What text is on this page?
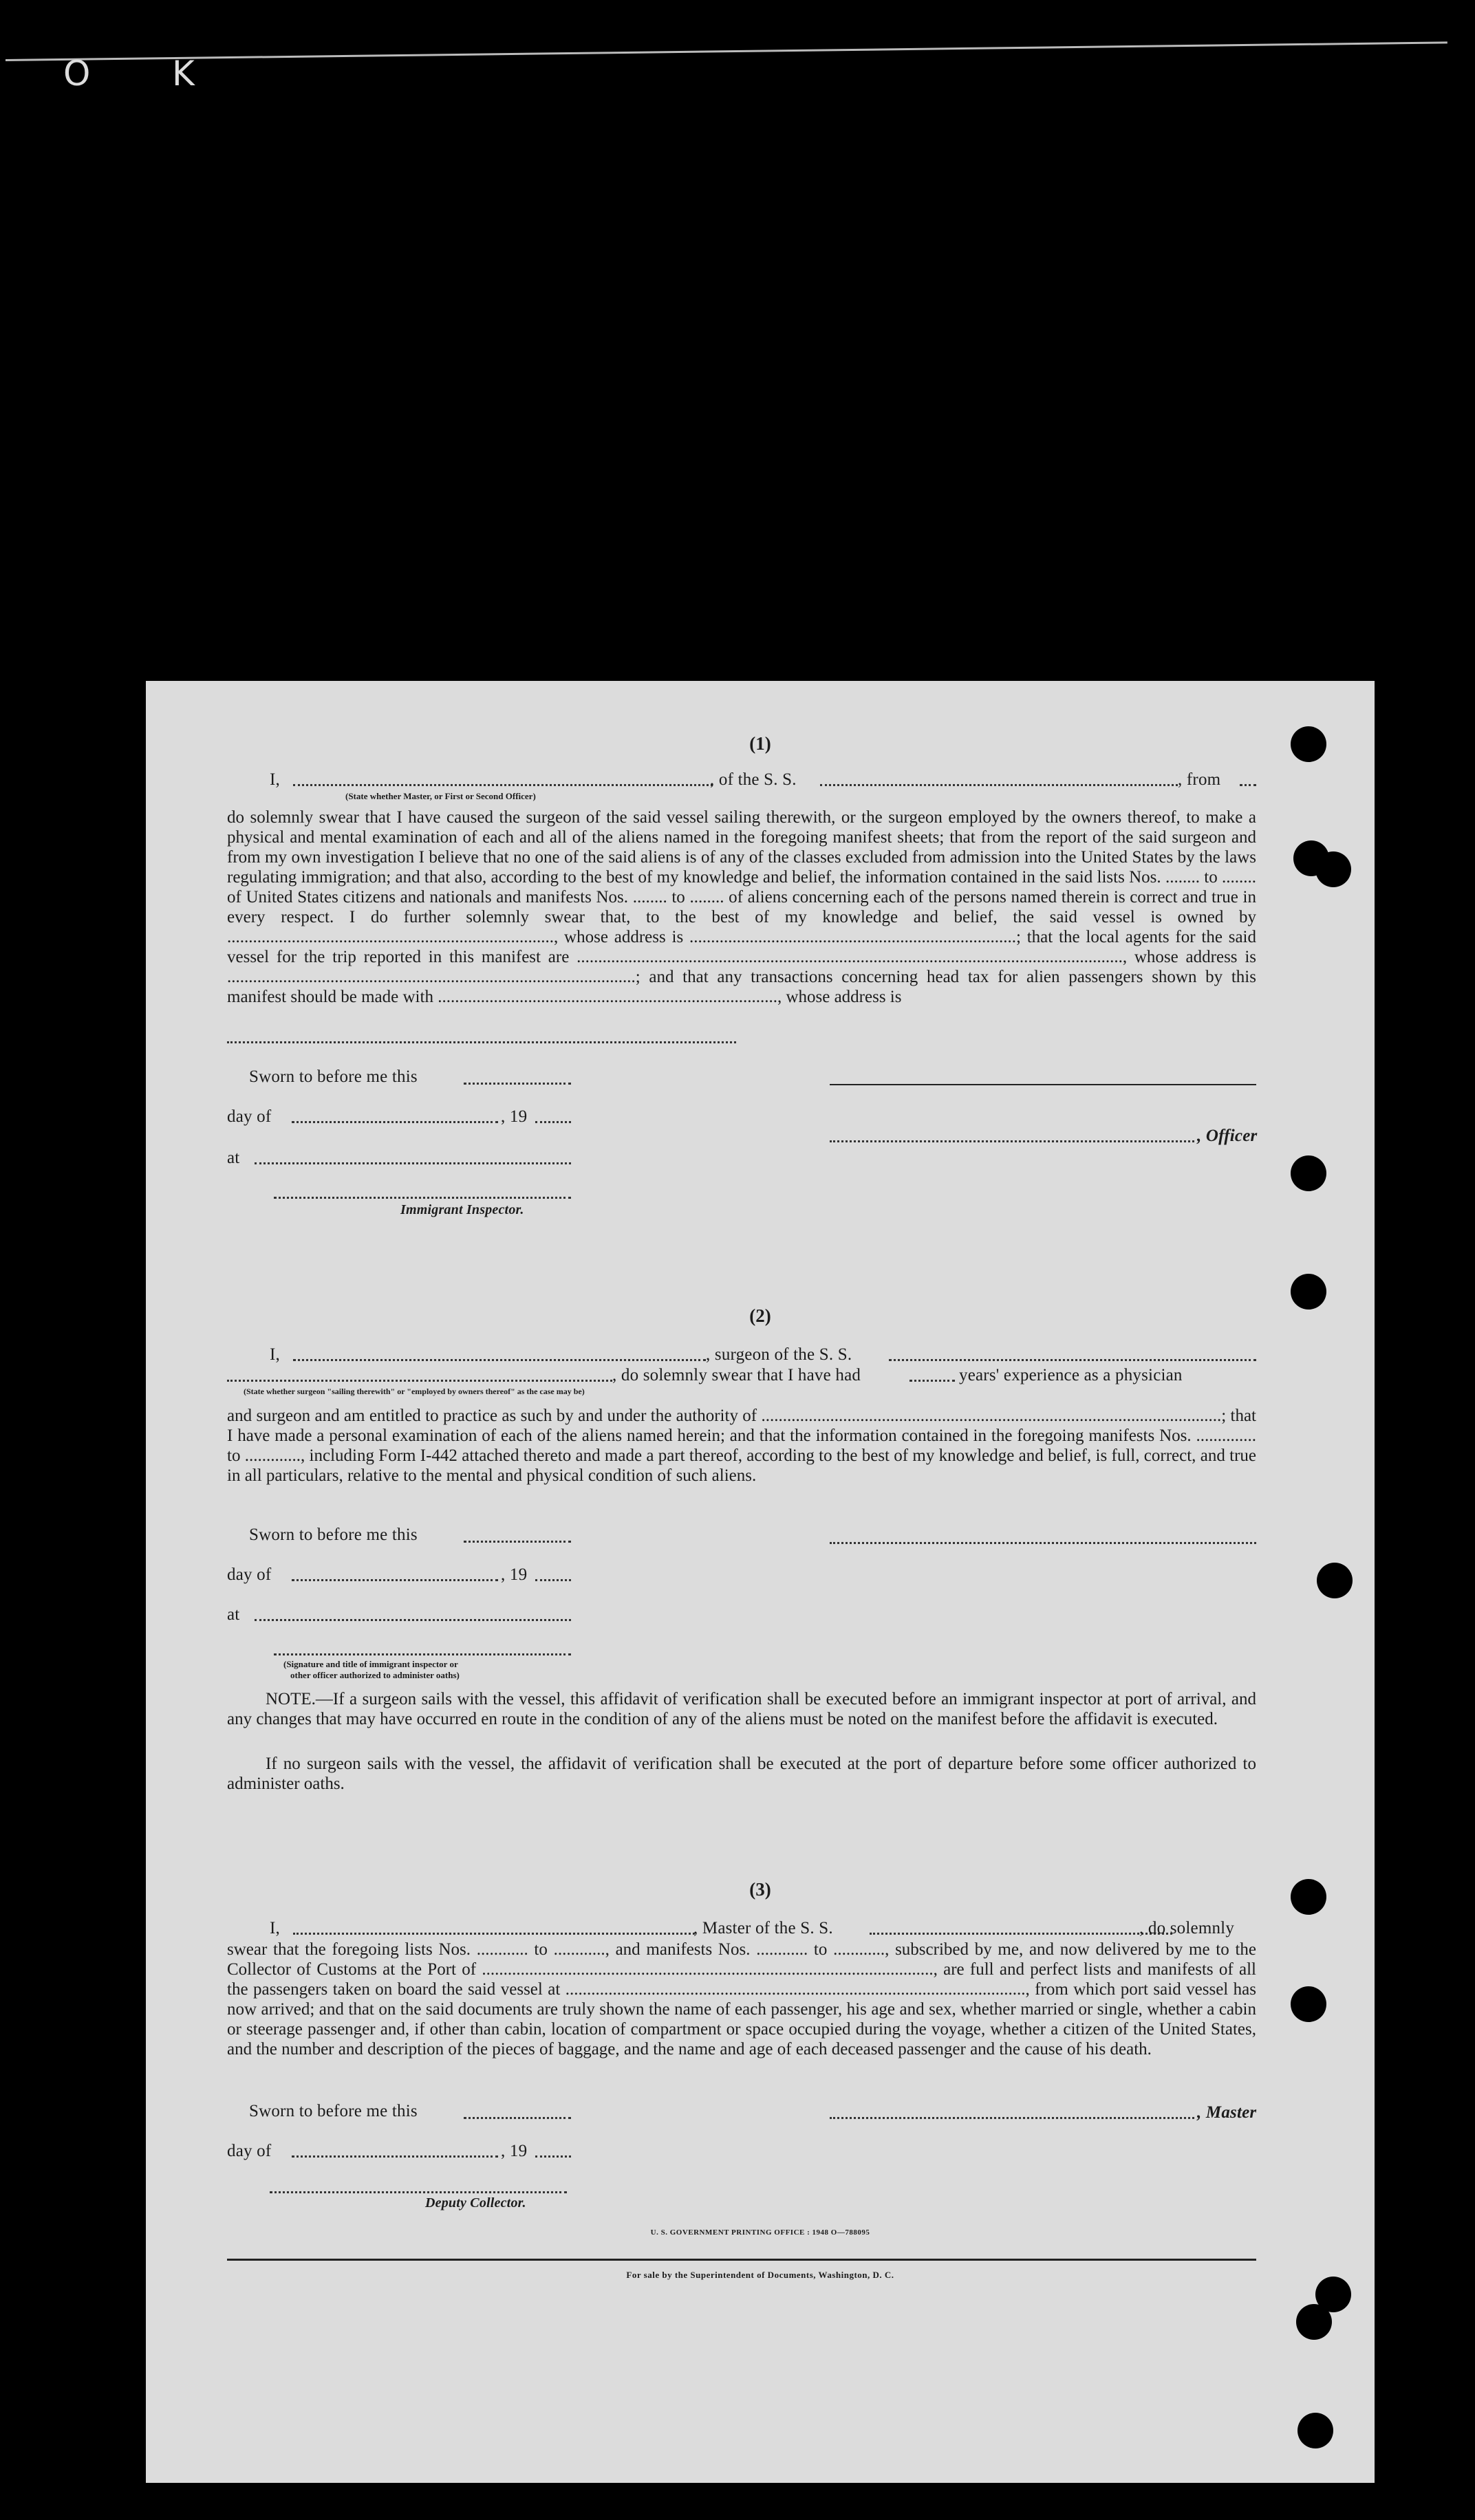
O K
(1)
I,	, of the S. S.	, from
(State whether Master, or First or Second Officer)
do solemnly swear that I have caused the surgeon of the said vessel sailing therewith, or the surgeon employed by the owners thereof, to make a physical and mental examination of each and all of the aliens named in the foregoing manifest sheets; that from the report of the said surgeon and from my own investigation I believe that no one of the said aliens is of any of the classes excluded from admission into the United States by the laws regulating immigration; and that also, according to the best of my knowledge and belief, the information contained in the said lists Nos. ........ to ........ of United States citizens and nationals and manifests Nos. ........ to ........ of aliens concerning each of the persons named therein is correct and true in every respect. I do further solemnly swear that, to the best of my knowledge and belief, the said vessel is owned by ............................................................................, whose address is ............................................................................; that the local agents for the said vessel for the trip reported in this manifest are ..............................................................................................................................., whose address is ...............................................................................................; and that any transactions concerning head tax for alien passengers shown by this manifest should be made with ..............................................................................., whose address is
Sworn to before me this
day of	, 19
, Officer
at
Immigrant Inspector.
(2)
I,	, surgeon of the S. S.
, do solemnly swear that I have had	years' experience as a physician
(State whether surgeon "sailing therewith" or "employed by owners thereof" as the case may be)
and surgeon and am entitled to practice as such by and under the authority of ...........................................................................................................; that I have made a personal examination of each of the aliens named herein; and that the information contained in the foregoing manifests Nos. .............. to ............., including Form I-442 attached thereto and made a part thereof, according to the best of my knowledge and belief, is full, correct, and true in all particulars, relative to the mental and physical condition of such aliens.
Sworn to before me this
day of	, 19
at
(Signature and title of immigrant inspector or
other officer authorized to administer oaths)
NOTE.—If a surgeon sails with the vessel, this affidavit of verification shall be executed before an immigrant inspector at port of arrival, and any changes that may have occurred en route in the condition of any of the aliens must be noted on the manifest before the affidavit is executed.
If no surgeon sails with the vessel, the affidavit of verification shall be executed at the port of departure before some officer authorized to administer oaths.
(3)
I,	, Master of the S. S.	, do solemnly
swear that the foregoing lists Nos. ............ to ............, and manifests Nos. ............ to ............, subscribed by me, and now delivered by me to the Collector of Customs at the Port of ........................................................................................................., are full and perfect lists and manifests of all the passengers taken on board the said vessel at ..........................................................................................................., from which port said vessel has now arrived; and that on the said documents are truly shown the name of each passenger, his age and sex, whether married or single, whether a cabin or steerage passenger and, if other than cabin, location of compartment or space occupied during the voyage, whether a citizen of the United States, and the number and description of the pieces of baggage, and the name and age of each deceased passenger and the cause of his death.
Sworn to before me this	, Master
day of	, 19
Deputy Collector.
U. S. GOVERNMENT PRINTING OFFICE : 1948 O—788095
For sale by the Superintendent of Documents, Washington, D. C.
